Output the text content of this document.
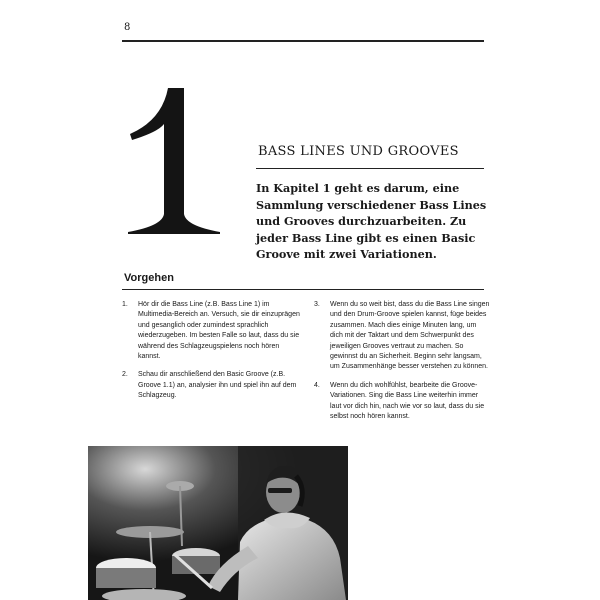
8
BASS LINES UND GROOVES
In Kapitel 1 geht es darum, eine Sammlung verschiedener Bass Lines und Grooves durchzuarbeiten. Zu jeder Bass Line gibt es einen Basic Groove mit zwei Variationen.
Vorgehen
1.	Hör dir die Bass Line (z.B. Bass Line 1) im Multimedia-Bereich an. Versuch, sie dir einzuprägen und gesanglich oder zumindest sprachlich wiederzugeben. Im besten Falle so laut, dass du sie während des Schlagzeugspielens noch hören kannst.
2.	Schau dir anschließend den Basic Groove (z.B. Groove 1.1) an, analysier ihn und spiel ihn auf dem Schlagzeug.
3.	Wenn du so weit bist, dass du die Bass Line singen und den Drum-Groove spielen kannst, füge beides zusammen. Mach dies einige Minuten lang, um dich mit der Taktart und dem Schwerpunkt des jeweiligen Grooves vertraut zu machen. So gewinnst du an Sicherheit. Beginn sehr langsam, um Zusammenhänge besser verstehen zu können.
4.	Wenn du dich wohlfühlst, bearbeite die Groove-Variationen. Sing die Bass Line weiterhin immer laut vor dich hin, nach wie vor so laut, dass du sie selbst noch hören kannst.
